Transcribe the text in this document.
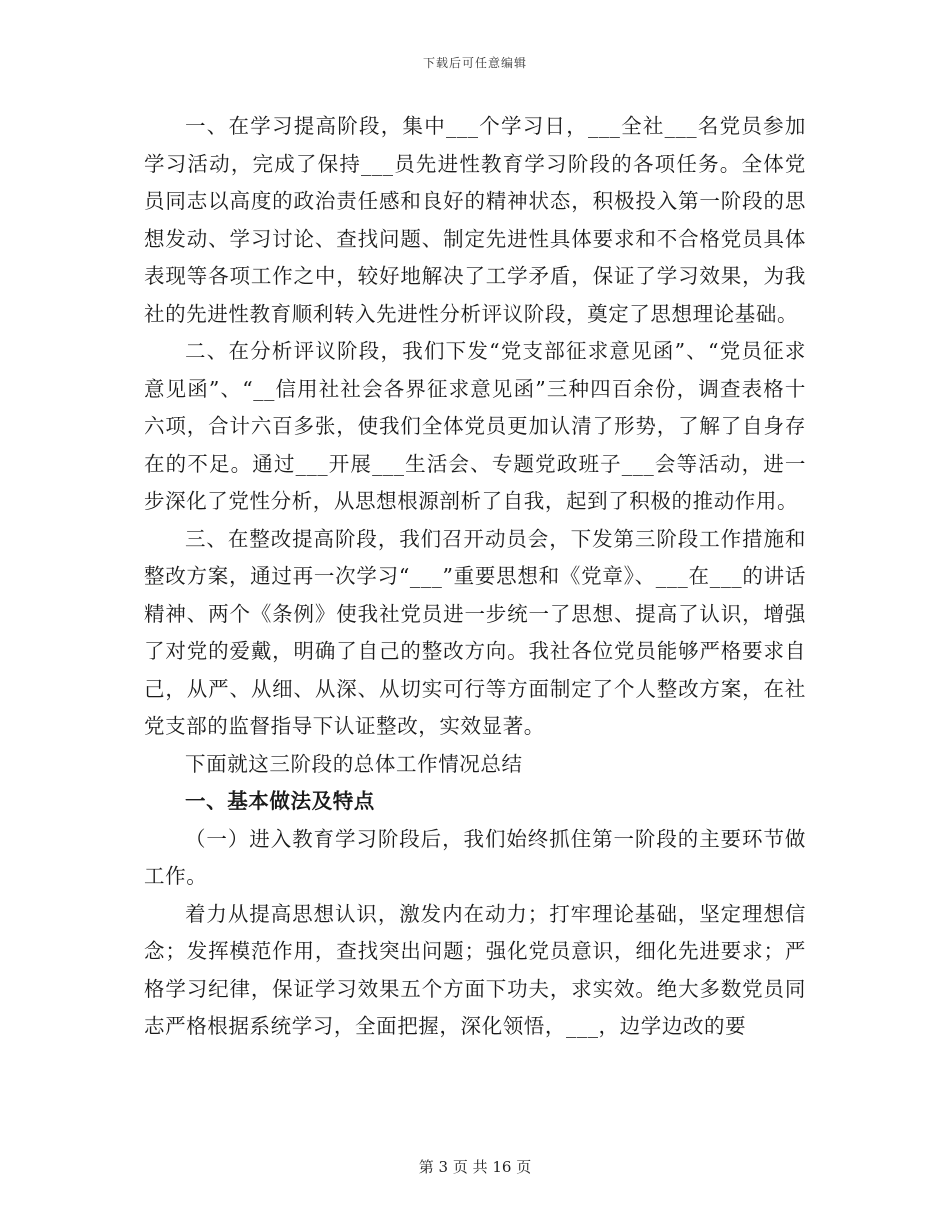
下载后可任意编辑

一、在学习提高阶段，集中___个学习日，___全社___名党员参加学习活动，完成了保持___员先进性教育学习阶段的各项任务。全体党员同志以高度的政治责任感和良好的精神状态，积极投入第一阶段的思想发动、学习讨论、查找问题、制定先进性具体要求和不合格党员具体表现等各项工作之中，较好地解决了工学矛盾，保证了学习效果，为我社的先进性教育顺利转入先进性分析评议阶段，奠定了思想理论基础。

二、在分析评议阶段，我们下发“党支部征求意见函”、“党员征求意见函”、“__信用社社会各界征求意见函”三种四百余份，调查表格十六项，合计六百多张，使我们全体党员更加认清了形势，了解了自身存在的不足。通过___开展___生活会、专题党政班子___会等活动，进一步深化了党性分析，从思想根源剖析了自我，起到了积极的推动作用。

三、在整改提高阶段，我们召开动员会，下发第三阶段工作措施和整改方案，通过再一次学习“___”重要思想和《党章》、___在___的讲话精神、两个《条例》使我社党员进一步统一了思想、提高了认识，增强了对党的爱戴，明确了自己的整改方向。我社各位党员能够严格要求自己，从严、从细、从深、从切实可行等方面制定了个人整改方案，在社党支部的监督指导下认证整改，实效显著。

下面就这三阶段的总体工作情况总结

一、基本做法及特点

（一）进入教育学习阶段后，我们始终抓住第一阶段的主要环节做工作。

着力从提高思想认识，激发内在动力；打牢理论基础，坚定理想信念；发挥模范作用，查找突出问题；强化党员意识，细化先进要求；严格学习纪律，保证学习效果五个方面下功夫，求实效。绝大多数党员同志严格根据系统学习，全面把握，深化领悟，___，边学边改的要

第 3 页 共 16 页
